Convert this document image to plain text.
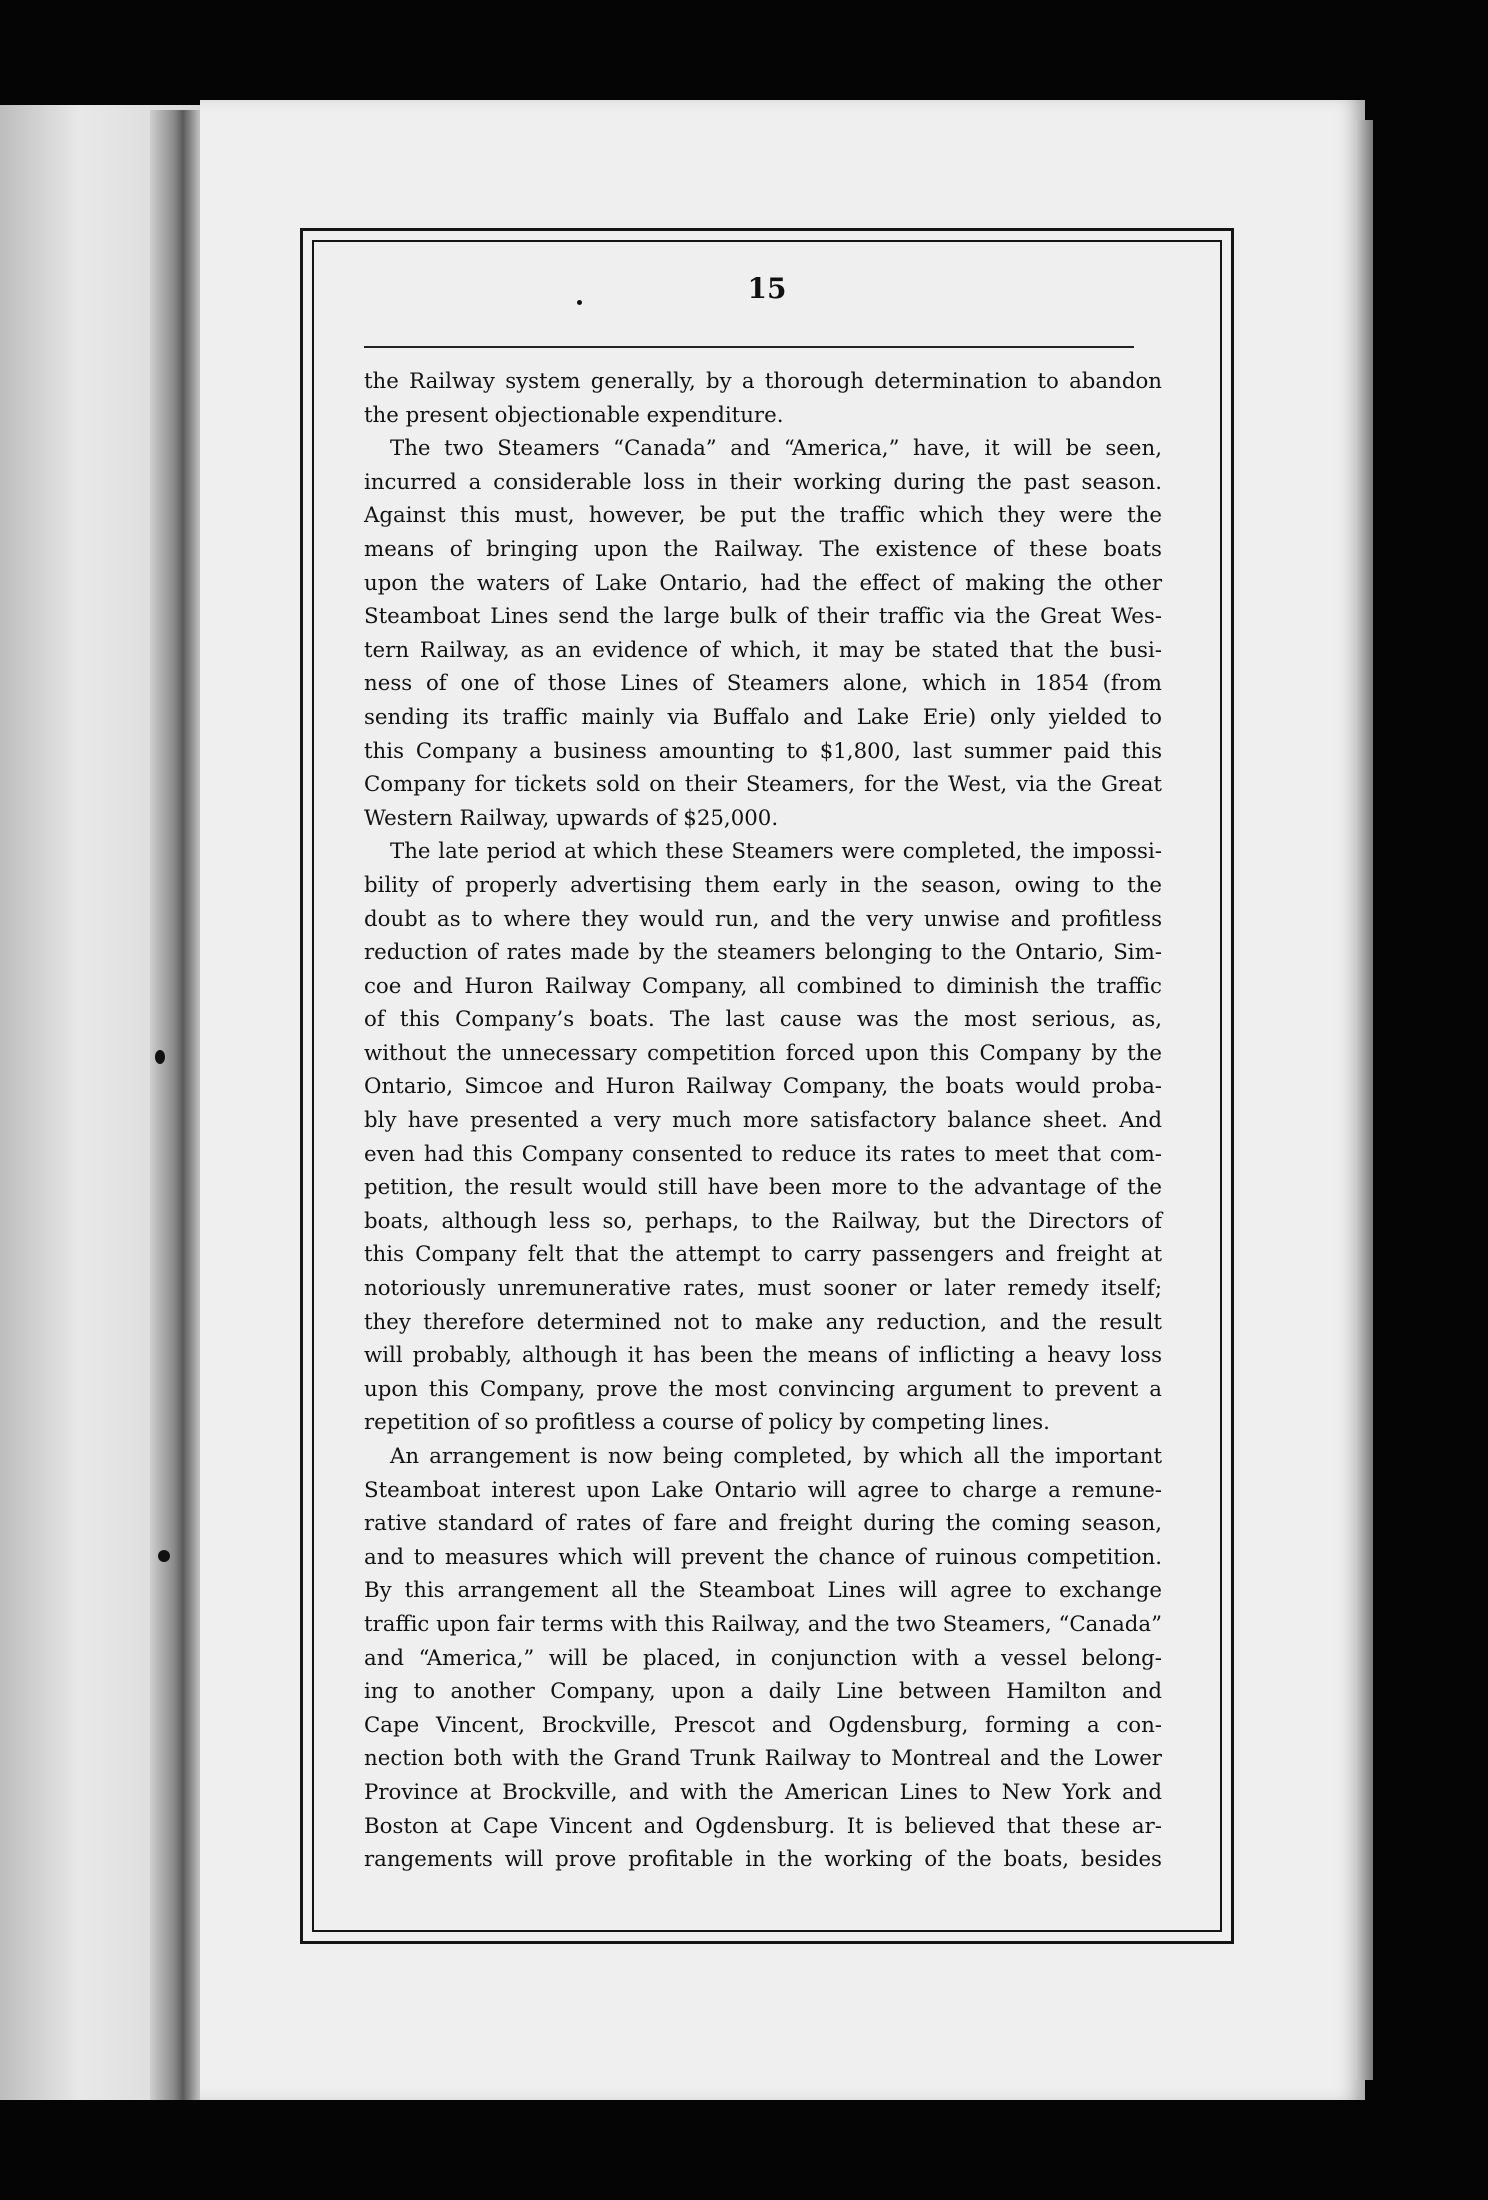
15
the Railway system generally, by a thorough determination to abandon
the present objectionable expenditure.
The two Steamers “Canada” and “America,” have, it will be seen,
incurred a considerable loss in their working during the past season.
Against this must, however, be put the traffic which they were the
means of bringing upon the Railway. The existence of these boats
upon the waters of Lake Ontario, had the effect of making the other
Steamboat Lines send the large bulk of their traffic via the Great Wes-
tern Railway, as an evidence of which, it may be stated that the busi-
ness of one of those Lines of Steamers alone, which in 1854 (from
sending its traffic mainly via Buffalo and Lake Erie) only yielded to
this Company a business amounting to $1,800, last summer paid this
Company for tickets sold on their Steamers, for the West, via the Great
Western Railway, upwards of $25,000.
The late period at which these Steamers were completed, the impossi-
bility of properly advertising them early in the season, owing to the
doubt as to where they would run, and the very unwise and profitless
reduction of rates made by the steamers belonging to the Ontario, Sim-
coe and Huron Railway Company, all combined to diminish the traffic
of this Company’s boats. The last cause was the most serious, as,
without the unnecessary competition forced upon this Company by the
Ontario, Simcoe and Huron Railway Company, the boats would proba-
bly have presented a very much more satisfactory balance sheet. And
even had this Company consented to reduce its rates to meet that com-
petition, the result would still have been more to the advantage of the
boats, although less so, perhaps, to the Railway, but the Directors of
this Company felt that the attempt to carry passengers and freight at
notoriously unremunerative rates, must sooner or later remedy itself;
they therefore determined not to make any reduction, and the result
will probably, although it has been the means of inflicting a heavy loss
upon this Company, prove the most convincing argument to prevent a
repetition of so profitless a course of policy by competing lines.
An arrangement is now being completed, by which all the important
Steamboat interest upon Lake Ontario will agree to charge a remune-
rative standard of rates of fare and freight during the coming season,
and to measures which will prevent the chance of ruinous competition.
By this arrangement all the Steamboat Lines will agree to exchange
traffic upon fair terms with this Railway, and the two Steamers, “Canada”
and “America,” will be placed, in conjunction with a vessel belong-
ing to another Company, upon a daily Line between Hamilton and
Cape Vincent, Brockville, Prescot and Ogdensburg, forming a con-
nection both with the Grand Trunk Railway to Montreal and the Lower
Province at Brockville, and with the American Lines to New York and
Boston at Cape Vincent and Ogdensburg. It is believed that these ar-
rangements will prove profitable in the working of the boats, besides
